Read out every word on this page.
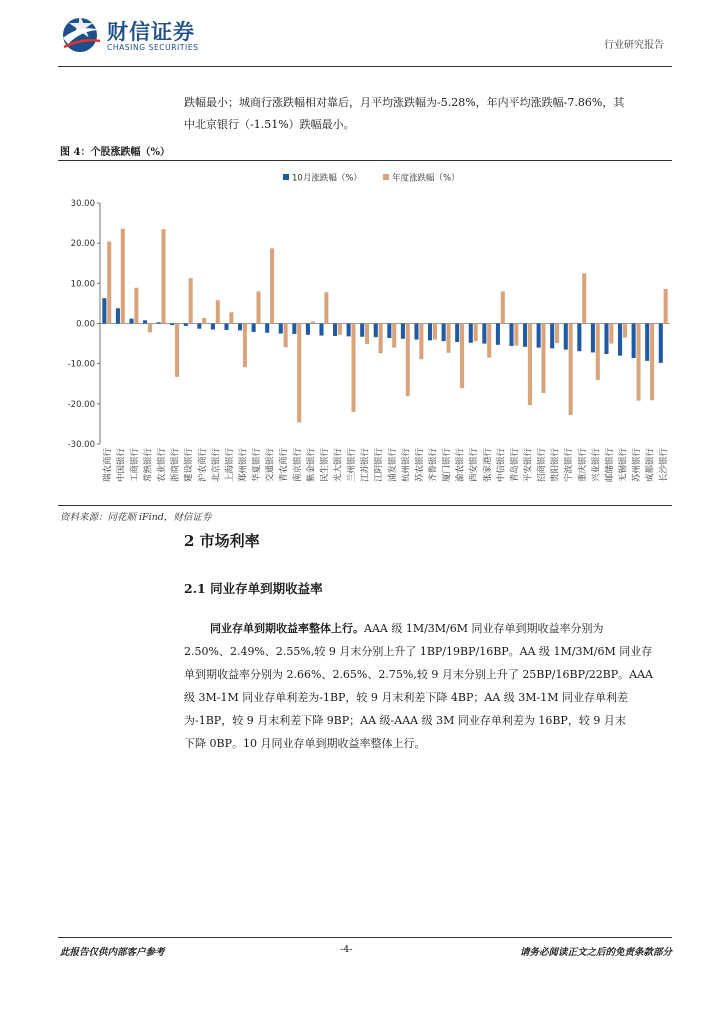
财信证券
CHASING SECURITIES	行业研究报告
跌幅最小；城商行涨跌幅相对靠后，月平均涨跌幅为-5.28%，年内平均涨跌幅-7.86%，其
中北京银行（-1.51%）跌幅最小。
图 4：个股涨跌幅（%）
10月涨跌幅（%）	年度涨跌幅（%）
30.00
20.00
10.00
0.00
-10.00
-20.00
-30.00
瑞农商行 中国银行 工商银行 常熟银行 农业银行 浙商银行 建设银行 沪农商行 北京银行 上海银行 郑州银行 华夏银行 交通银行 青农商行 南京银行 紫金银行 民生银行 光大银行 兰州银行 江苏银行 江阴银行 浦发银行 杭州银行 苏农银行 齐鲁银行 厦门银行 渝农银行 西安银行 张家港行 中信银行 青岛银行 平安银行 招商银行 贵阳银行 宁波银行 重庆银行 兴业银行 邮储银行 无锡银行 苏州银行 成都银行 长沙银行
资料来源：同花顺 iFind，财信证券
2 市场利率
2.1 同业存单到期收益率
同业存单到期收益率整体上行。AAA 级 1M/3M/6M 同业存单到期收益率分别为
2.50%、2.49%、2.55%,较 9 月末分别上升了 1BP/19BP/16BP。AA 级 1M/3M/6M 同业存
单到期收益率分别为 2.66%、2.65%、2.75%,较 9 月末分别上升了 25BP/16BP/22BP。AAA
级 3M-1M 同业存单利差为-1BP，较 9 月末利差下降 4BP；AA 级 3M-1M 同业存单利差
为-1BP，较 9 月末利差下降 9BP；AA 级-AAA 级 3M 同业存单利差为 16BP，较 9 月末
下降 0BP。10 月同业存单到期收益率整体上行。
此报告仅供内部客户参考	-4-	请务必阅读正文之后的免责条款部分
